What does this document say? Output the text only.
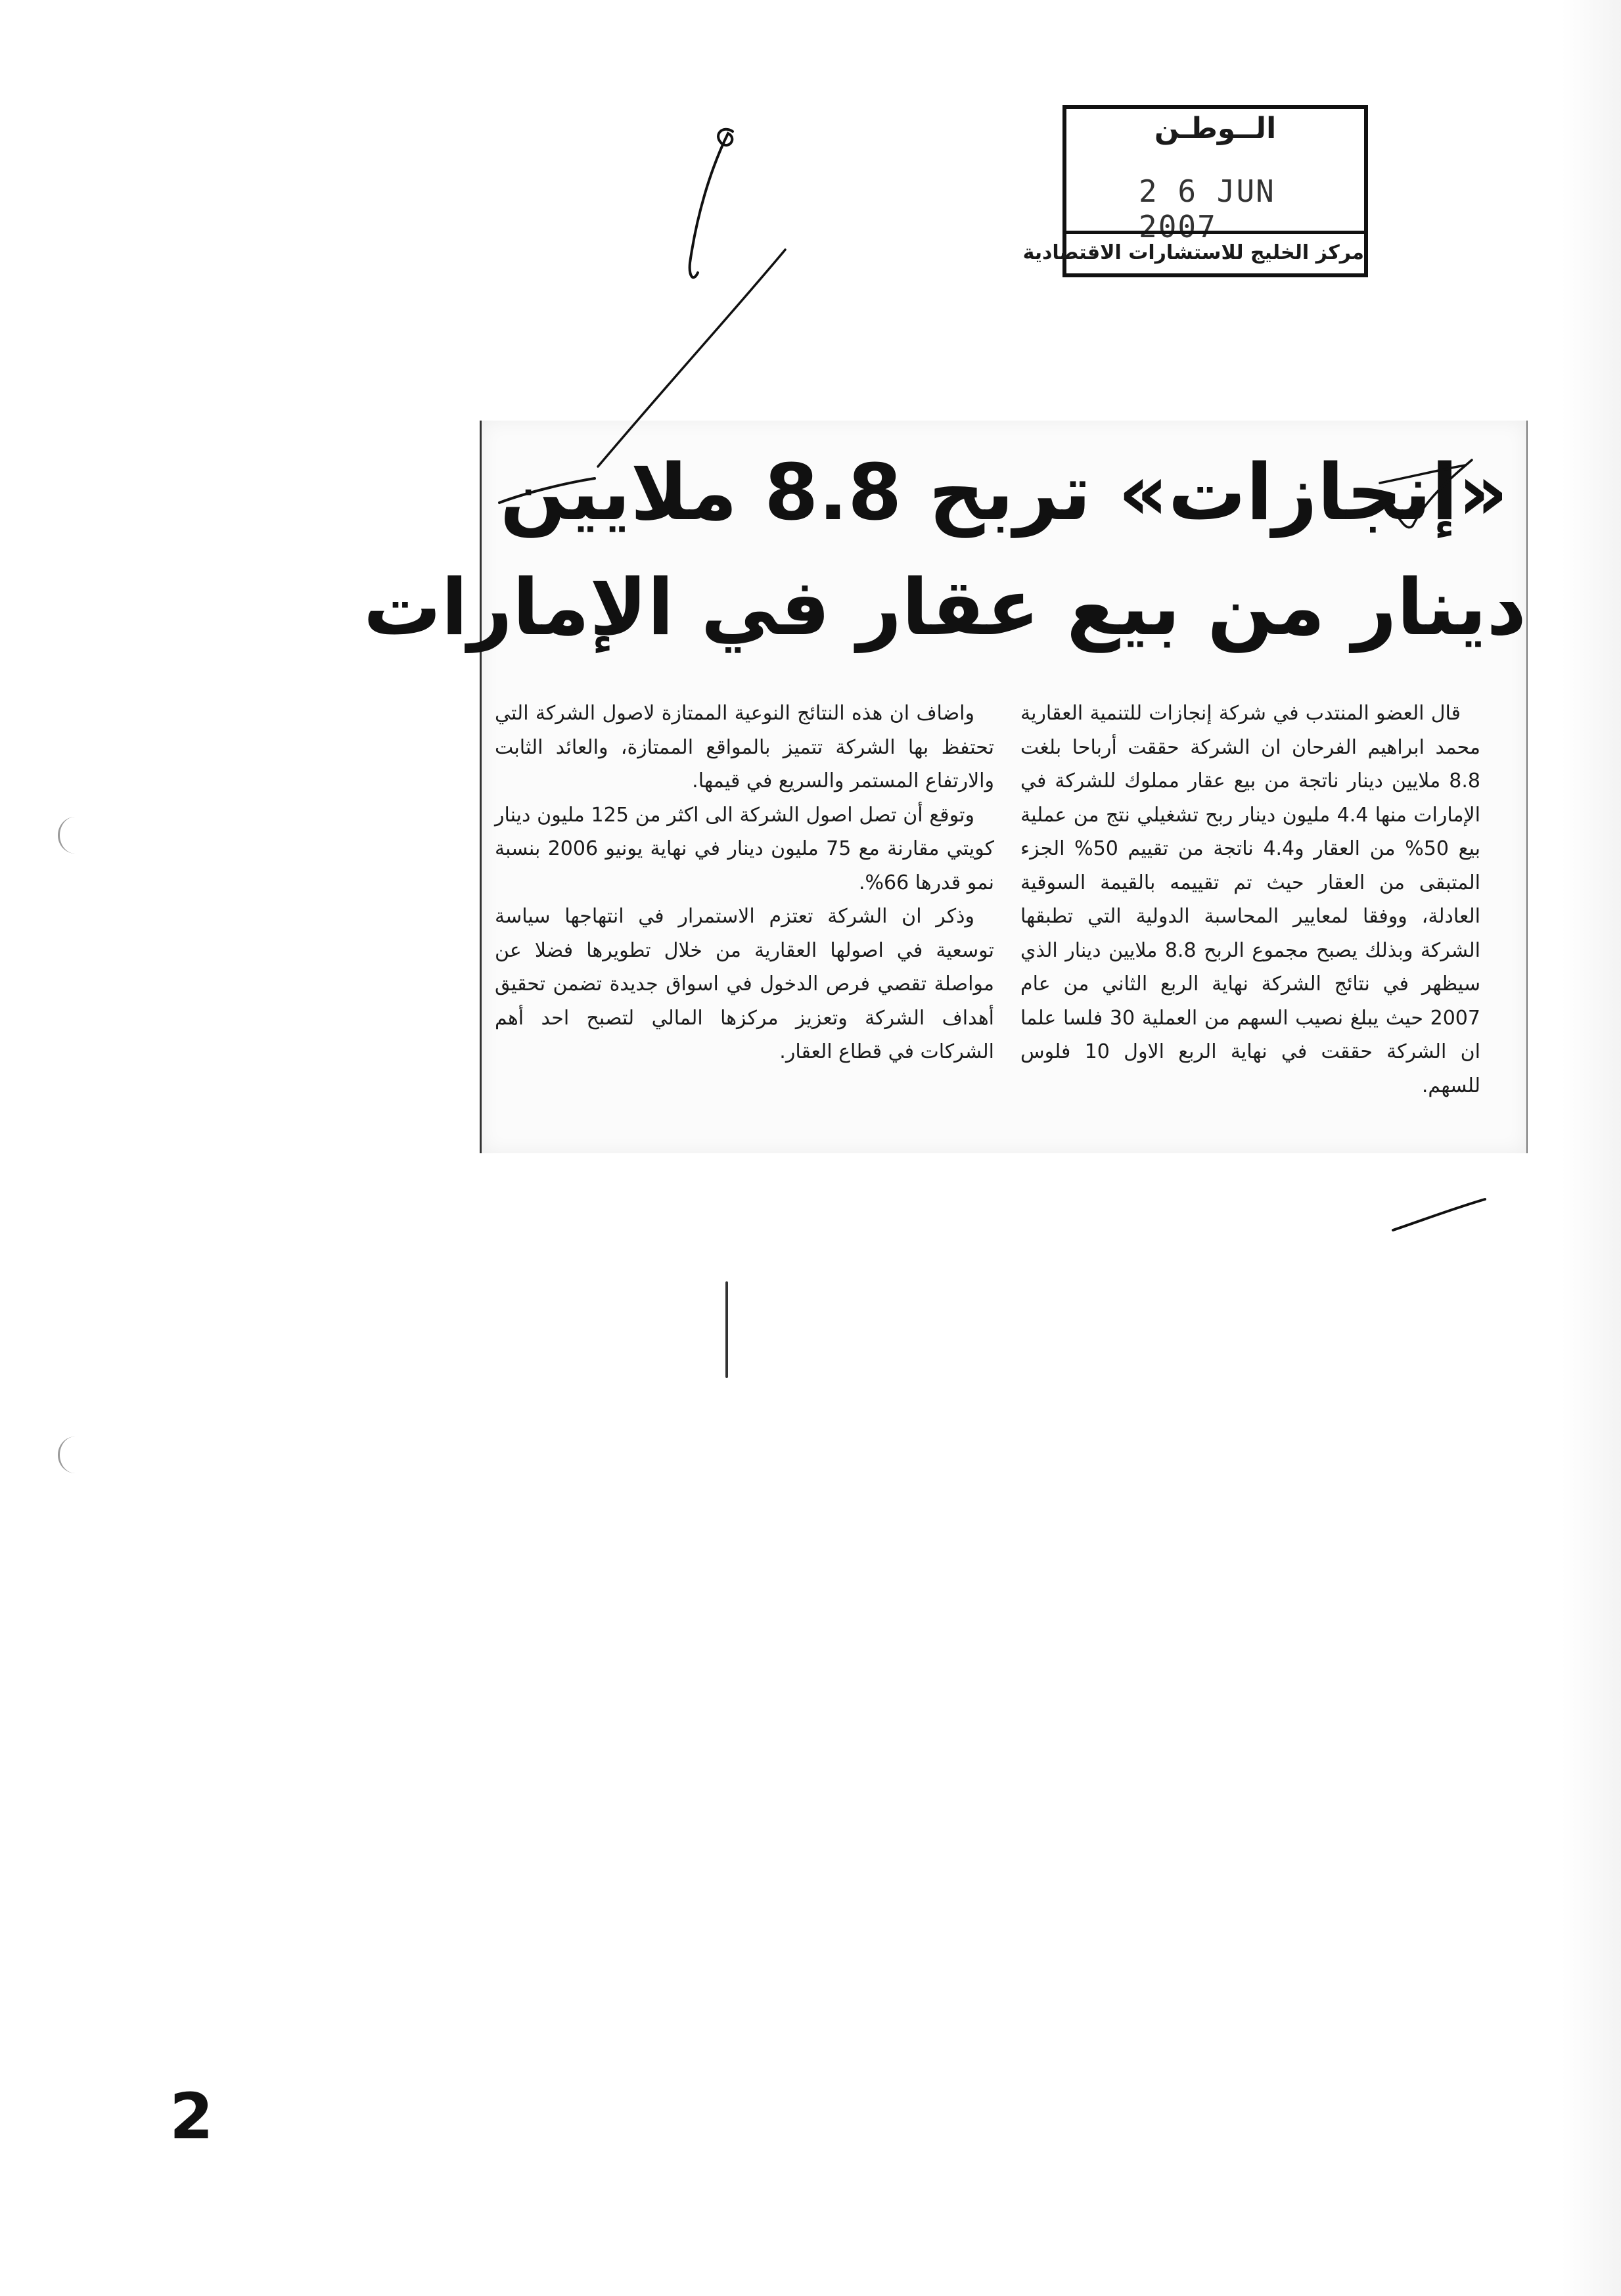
الــوطـن
2 6 JUN 2007
مركز الخليج للاستشارات الاقتصادية
«إنجازات» تربح 8.8 ملايين
دينار من بيع عقار في الإمارات

قال العضو المنتدب في شركة إنجازات للتنمية العقارية محمد ابراهيم الفرحان ان الشركة حققت أرباحا بلغت 8.8 ملايين دينار ناتجة من بيع عقار مملوك للشركة في الإمارات منها 4.4 مليون دينار ربح تشغيلي نتج من عملية بيع 50% من العقار و4.4 ناتجة من تقييم 50% الجزء المتبقى من العقار حيث تم تقييمه بالقيمة السوقية العادلة، ووفقا لمعايير المحاسبة الدولية التي تطبقها الشركة وبذلك يصبح مجموع الربح 8.8 ملايين دينار الذي سيظهر في نتائج الشركة نهاية الربع الثاني من عام 2007 حيث يبلغ نصيب السهم من العملية 30 فلسا علما ان الشركة حققت في نهاية الربع الاول 10 فلوس للسهم.

واضاف ان هذه النتائج النوعية الممتازة لاصول الشركة التي تحتفظ بها الشركة تتميز بالمواقع الممتازة، والعائد الثابت والارتفاع المستمر والسريع في قيمها.

وتوقع أن تصل اصول الشركة الى اكثر من 125 مليون دينار كويتي مقارنة مع 75 مليون دينار في نهاية يونيو 2006 بنسبة نمو قدرها 66%.

وذكر ان الشركة تعتزم الاستمرار في انتهاجها سياسة توسعية في اصولها العقارية من خلال تطويرها فضلا عن مواصلة تقصي فرص الدخول في اسواق جديدة تضمن تحقيق أهداف الشركة وتعزيز مركزها المالي لتصبح احد أهم الشركات في قطاع العقار.

2
